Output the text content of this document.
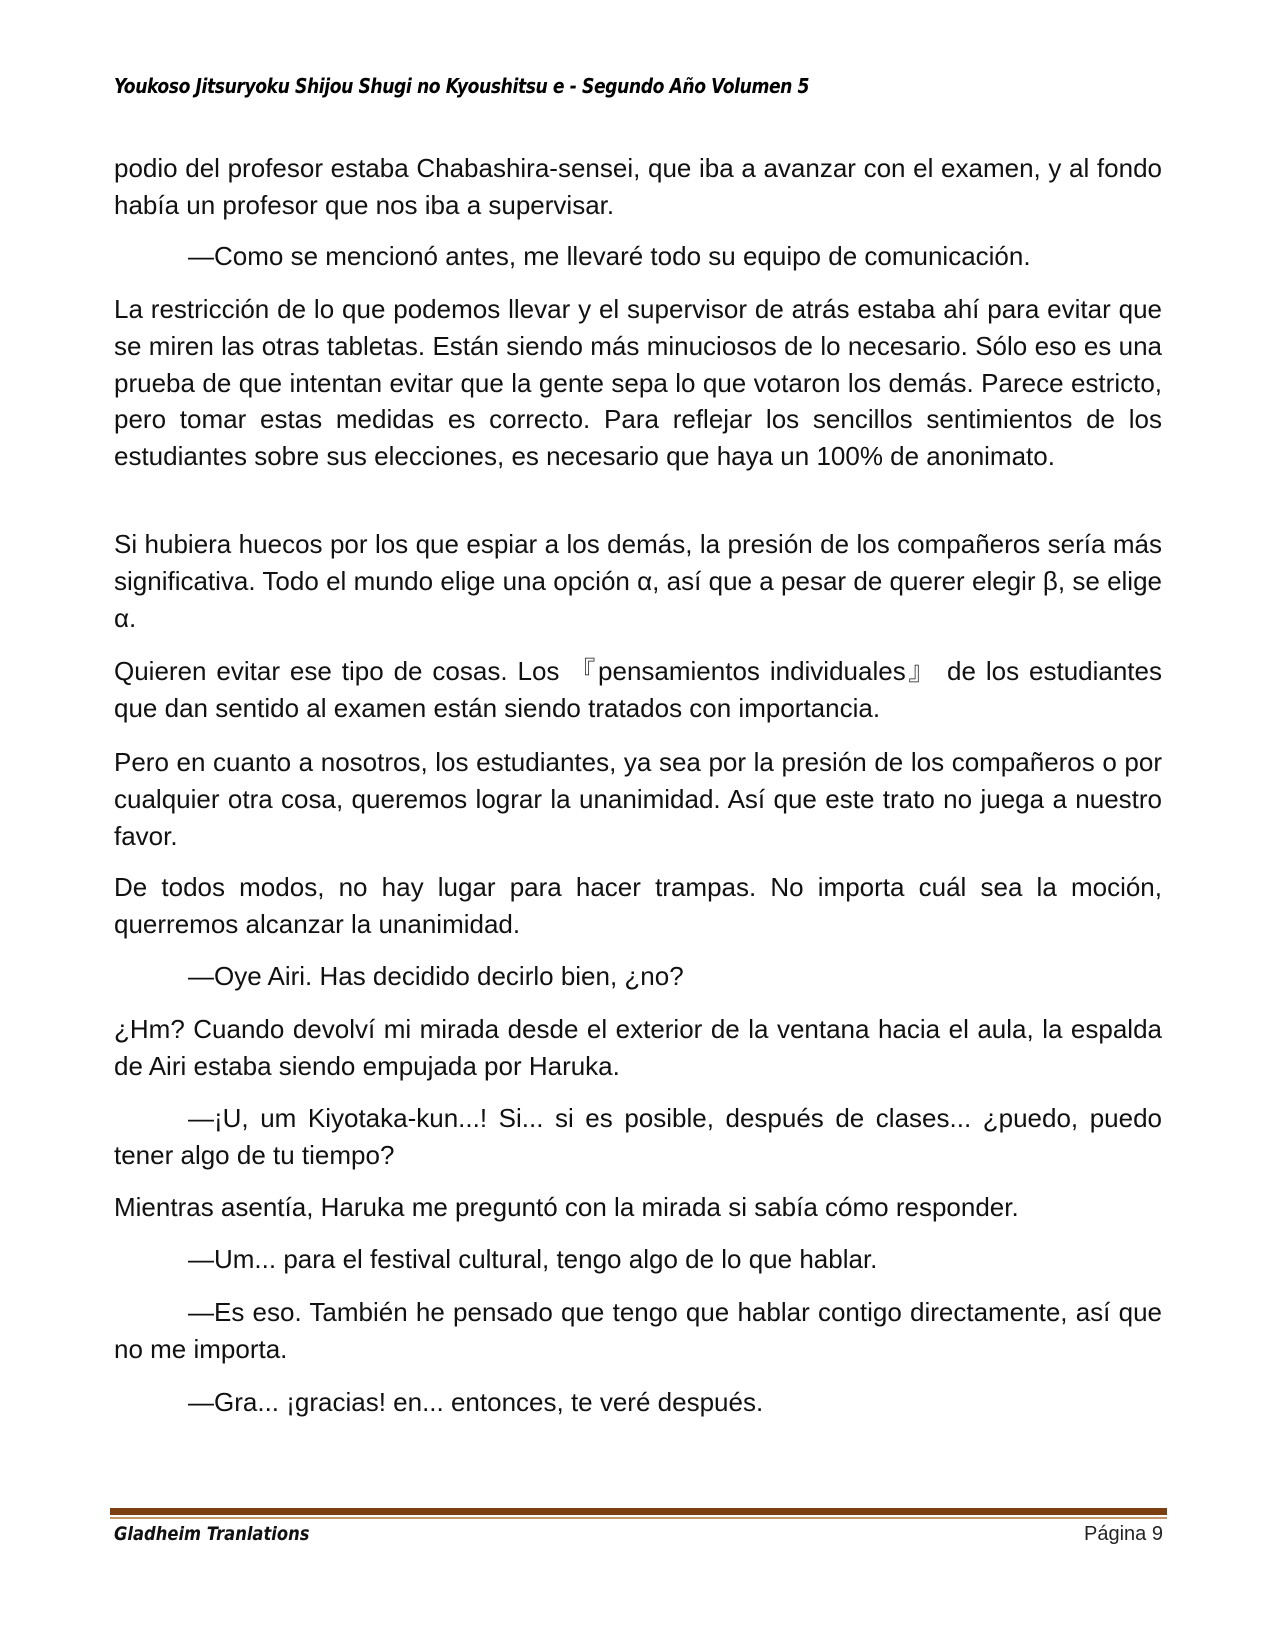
Youkoso Jitsuryoku Shijou Shugi no Kyoushitsu e - Segundo Año Volumen 5

podio del profesor estaba Chabashira-sensei, que iba a avanzar con el examen, y al fondo había un profesor que nos iba a supervisar.

—Como se mencionó antes, me llevaré todo su equipo de comunicación.

La restricción de lo que podemos llevar y el supervisor de atrás estaba ahí para evitar que se miren las otras tabletas. Están siendo más minuciosos de lo necesario. Sólo eso es una prueba de que intentan evitar que la gente sepa lo que votaron los demás. Parece estricto, pero tomar estas medidas es correcto. Para reflejar los sencillos sentimientos de los estudiantes sobre sus elecciones, es necesario que haya un 100% de anonimato.

Si hubiera huecos por los que espiar a los demás, la presión de los compañeros sería más significativa. Todo el mundo elige una opción α, así que a pesar de querer elegir β, se elige α.

Quieren evitar ese tipo de cosas. Los 『pensamientos individuales』 de los estudiantes que dan sentido al examen están siendo tratados con importancia.

Pero en cuanto a nosotros, los estudiantes, ya sea por la presión de los compañeros o por cualquier otra cosa, queremos lograr la unanimidad. Así que este trato no juega a nuestro favor.

De todos modos, no hay lugar para hacer trampas. No importa cuál sea la moción, querremos alcanzar la unanimidad.

—Oye Airi. Has decidido decirlo bien, ¿no?

¿Hm? Cuando devolví mi mirada desde el exterior de la ventana hacia el aula, la espalda de Airi estaba siendo empujada por Haruka.

—¡U, um Kiyotaka-kun...! Si... si es posible, después de clases... ¿puedo, puedo tener algo de tu tiempo?

Mientras asentía, Haruka me preguntó con la mirada si sabía cómo responder.

—Um... para el festival cultural, tengo algo de lo que hablar.

—Es eso. También he pensado que tengo que hablar contigo directamente, así que no me importa.

—Gra... ¡gracias! en... entonces, te veré después.

Gladheim Tranlations	Página 9
